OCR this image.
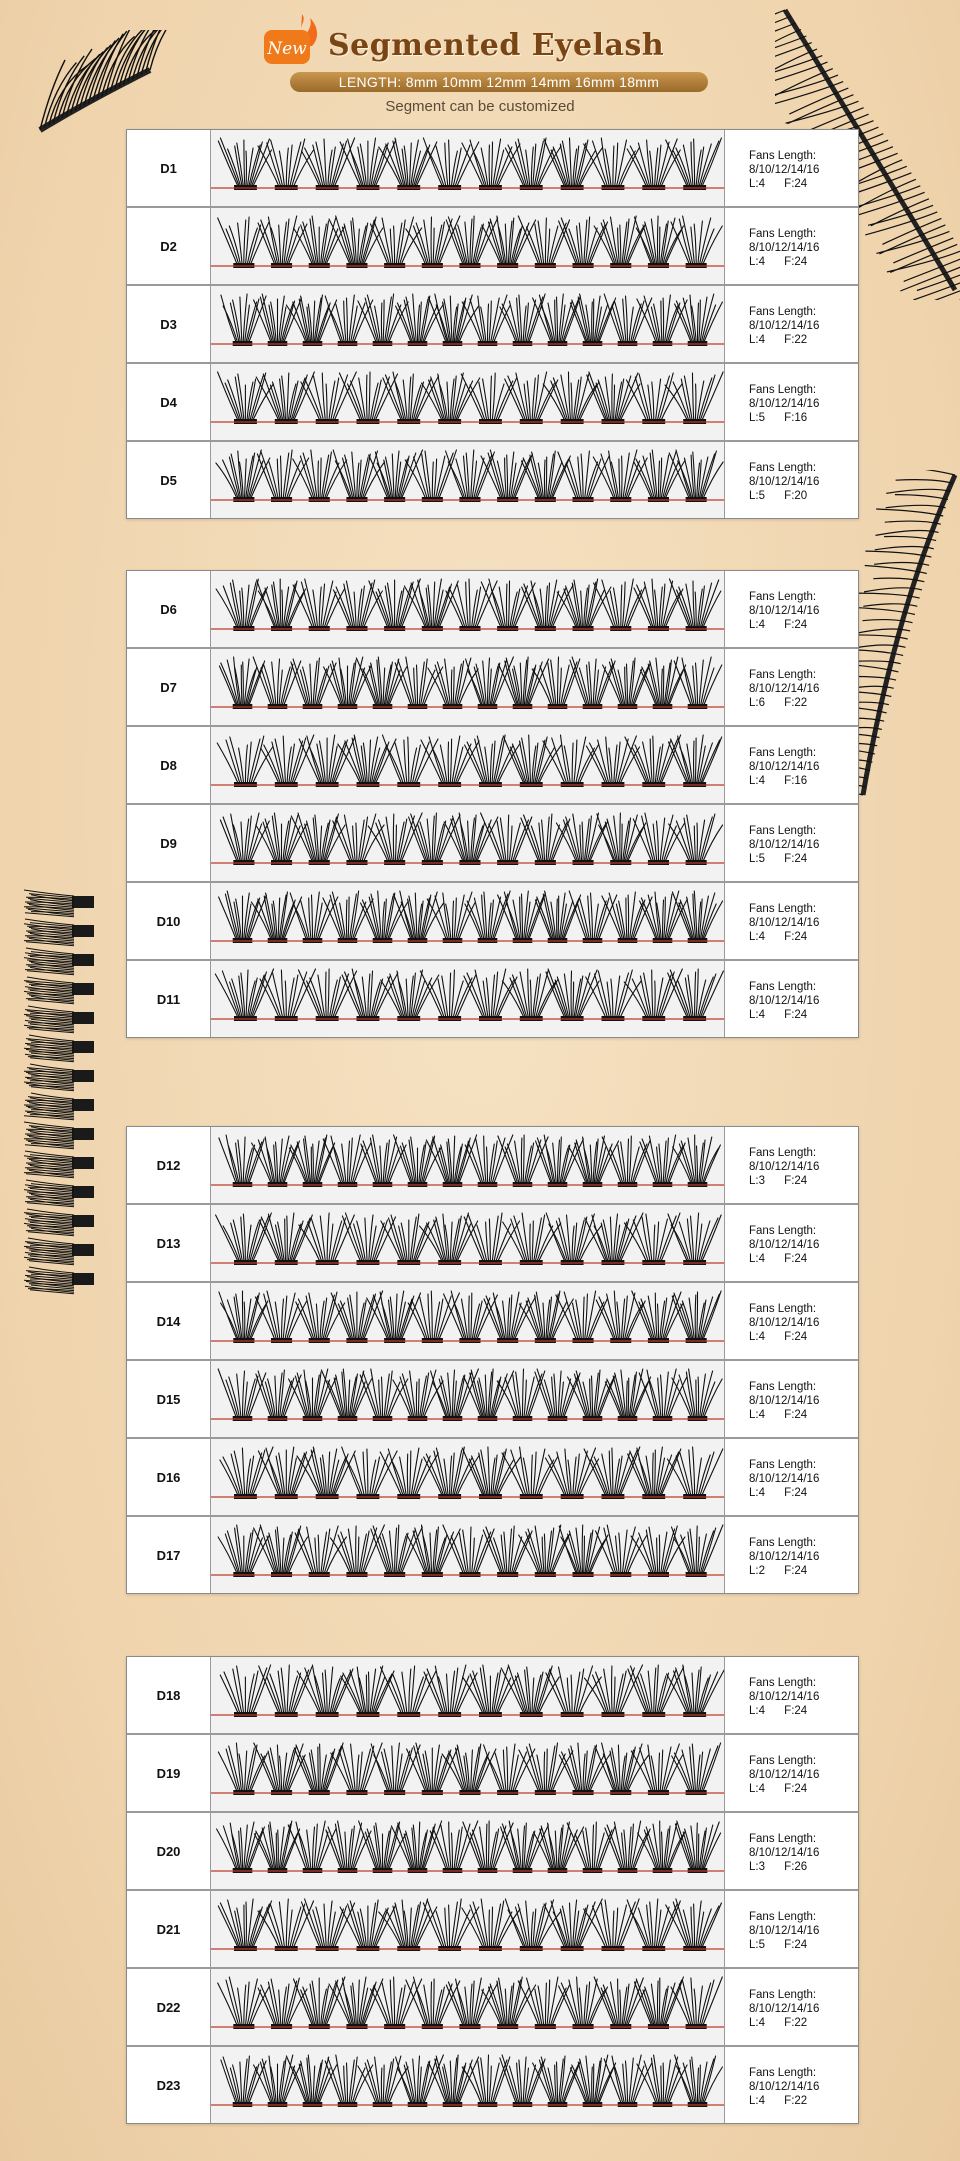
New Segmented Eyelash
LENGTH: 8mm 10mm 12mm 14mm 16mm 18mm
Segment can be customized
D1
Fans Length:
8/10/12/14/16
L:4 F:24
D2
Fans Length:
8/10/12/14/16
L:4 F:24
D3
Fans Length:
8/10/12/14/16
L:4 F:22
D4
Fans Length:
8/10/12/14/16
L:5 F:16
D5
Fans Length:
8/10/12/14/16
L:5 F:20
D6
Fans Length:
8/10/12/14/16
L:4 F:24
D7
Fans Length:
8/10/12/14/16
L:6 F:22
D8
Fans Length:
8/10/12/14/16
L:4 F:16
D9
Fans Length:
8/10/12/14/16
L:5 F:24
D10
Fans Length:
8/10/12/14/16
L:4 F:24
D11
Fans Length:
8/10/12/14/16
L:4 F:24
D12
Fans Length:
8/10/12/14/16
L:3 F:24
D13
Fans Length:
8/10/12/14/16
L:4 F:24
D14
Fans Length:
8/10/12/14/16
L:4 F:24
D15
Fans Length:
8/10/12/14/16
L:4 F:24
D16
Fans Length:
8/10/12/14/16
L:4 F:24
D17
Fans Length:
8/10/12/14/16
L:2 F:24
D18
Fans Length:
8/10/12/14/16
L:4 F:24
D19
Fans Length:
8/10/12/14/16
L:4 F:24
D20
Fans Length:
8/10/12/14/16
L:3 F:26
D21
Fans Length:
8/10/12/14/16
L:5 F:24
D22
Fans Length:
8/10/12/14/16
L:4 F:22
D23
Fans Length:
8/10/12/14/16
L:4 F:22
